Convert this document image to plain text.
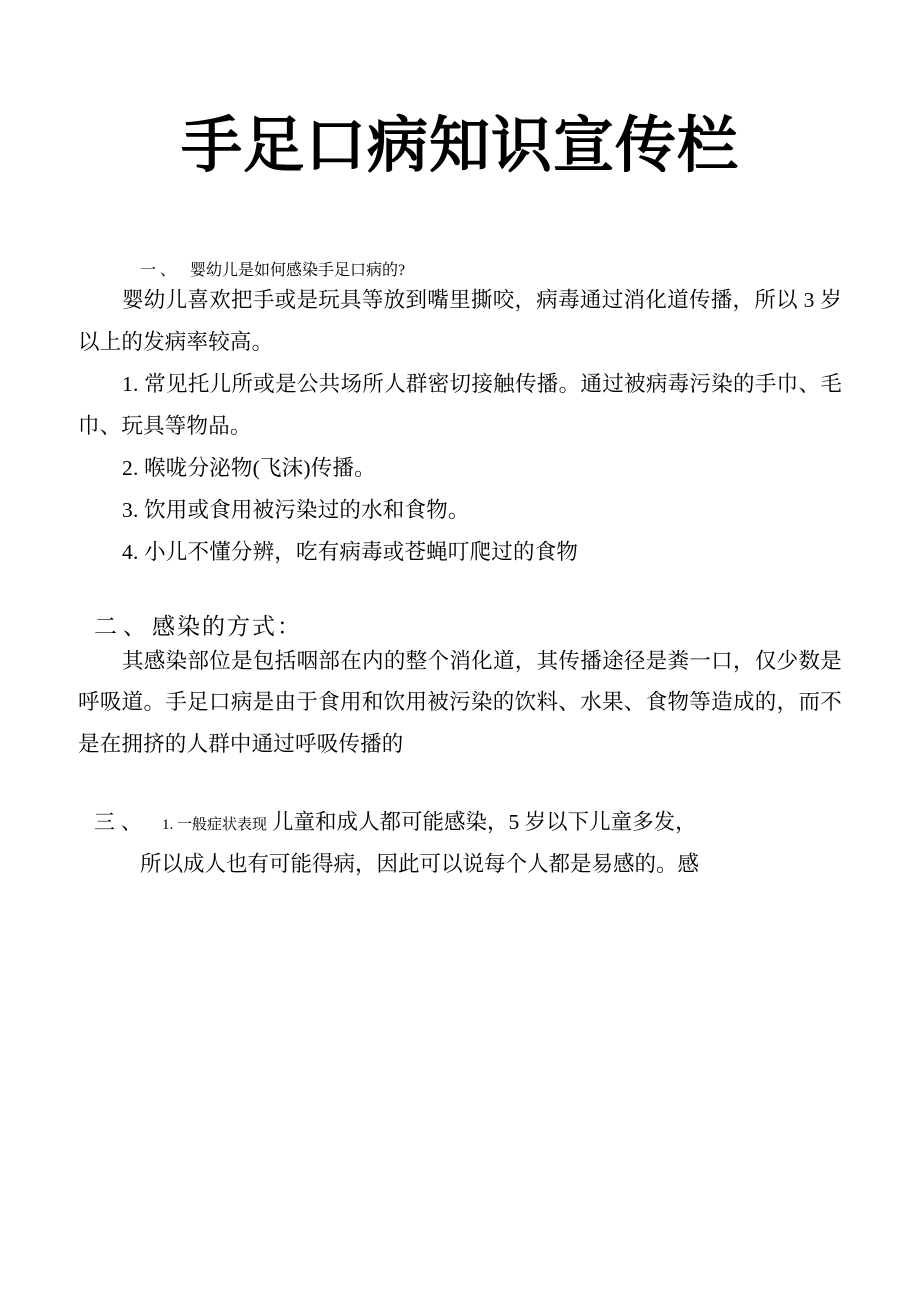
手足口病知识宣传栏
一、 婴幼儿是如何感染手足口病的?

婴幼儿喜欢把手或是玩具等放到嘴里撕咬，病毒通过消化道传播，所以 3 岁以上的发病率较高。

1. 常见托儿所或是公共场所人群密切接触传播。通过被病毒污染的手巾、毛巾、玩具等物品。

2. 喉咙分泌物(飞沫)传播。

3. 饮用或食用被污染过的水和食物。

4. 小儿不懂分辨，吃有病毒或苍蝇叮爬过的食物

二、感染的方式：

其感染部位是包括咽部在内的整个消化道，其传播途径是粪一口，仅少数是呼吸道。手足口病是由于食用和饮用被污染的饮料、水果、食物等造成的，而不是在拥挤的人群中通过呼吸传播的

三、 1. 一般症状表现 儿童和成人都可能感染，5 岁以下儿童多发，
所以成人也有可能得病，因此可以说每个人都是易感的。感
